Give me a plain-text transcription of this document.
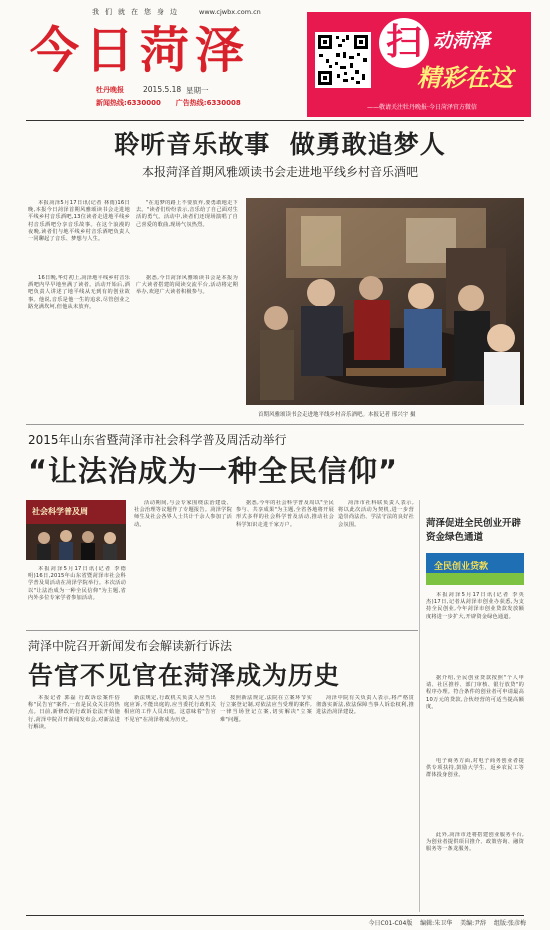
我们就在您身边 www.cjwbx.com.cn
今日菏泽
牡丹晚报	2015.5.18 星期一
新闻热线:6330000 广告热线:6330008
扫 动菏泽
精彩在这
——敬请关注牡丹晚报·今日菏泽官方微信
聆听音乐故事  做勇敢追梦人
本报菏泽首期风雅颂读书会走进地平线乡村音乐酒吧

本报菏泽5月17日讯(记者 林雨)16日晚,本报今日菏泽首期风雅颂读书会走进地平线乡村音乐酒吧,13位读者走进地平线乡村音乐酒吧分享音乐故事。在这个浪漫的夜晚,读者们与地平线乡村音乐酒吧负责人一同聊起了音乐、梦想与人生。

16日晚,华灯初上,菏泽地平线乡村音乐酒吧内早早地坐满了读者。活动开始后,酒吧负责人讲述了地平线从无到有的创业故事。他说,音乐是他一生的追求,尽管创业之路充满坎坷,但他从未放弃。

"在追梦的路上不要放弃,要勇敢地走下去。"读者们纷纷表示,音乐给了自己面对生活的勇气。活动中,读者们还现场演唱了自己喜爱的歌曲,现场气氛热烈。

据悉,今日菏泽风雅颂读书会是本报为广大读者搭建的阅读交流平台,活动将定期举办,欢迎广大读者积极参与。

首期风雅颂读书会走进地平线乡村音乐酒吧。本报记者 邢兴宇 摄
2015年山东省暨菏泽市社会科学普及周活动举行
“让法治成为一种全民信仰”
社会科学普及周

本报菏泽5月17日讯(记者 李德明)16日,2015年山东省暨菏泽市社会科学普及周活动在菏泽学院举行。本次活动以"让法治成为一种全民信仰"为主题,省内外多位专家学者参加活动。

活动期间,与会专家围绕法治建设、社会治理等议题作了专题报告。菏泽学院师生及社会各界人士共计千余人参加了活动。

据悉,今年的社会科学普及周以"全民参与、共享成果"为主题,全省各地将开展形式多样的社会科学普及活动,推动社会科学知识走进千家万户。

菏泽市社科联负责人表示,将以此次活动为契机,进一步营造崇尚法治、学法守法的良好社会氛围。

菏泽中院召开新闻发布会解读新行诉法
告官不见官在菏泽成为历史

本报记者 郭磊 行政诉讼案件俗称"民告官"案件,一直是民众关注的热点。日前,新修改的行政诉讼法开始施行,菏泽中院召开新闻发布会,对新法进行解读。

新法规定,行政机关负责人应当出庭应诉,不能出庭的,应当委托行政机关相应的工作人员出庭。这意味着"告官不见官"在菏泽将成为历史。

按照新法规定,法院在立案环节实行立案登记制,对依法应当受理的案件,一律当场登记立案,切实解决"立案难"问题。

菏泽中院有关负责人表示,将严格贯彻落实新法,依法保障当事人诉讼权利,推进法治菏泽建设。

菏泽促进全民创业开辟资金绿色通道
全民创业贷款

本报菏泽5月17日讯(记者 李英杰)17日,记者从菏泽市创业办获悉,为支持全民创业,今年菏泽市创业贷款发放额度将进一步扩大,开辟资金绿色通道。

据介绍,全民创业贷款按照"个人申请、社区推荐、部门审核、银行放贷"的程序办理。符合条件的创业者可申请最高10万元的贷款,合伙经营的可适当提高额度。

电子商务方面,对电子商务创业者提供专项扶持,鼓励大学生、返乡农民工等群体投身创业。

此外,菏泽市还将搭建创业服务平台,为创业者提供项目推介、政策咨询、融资服务等一条龙服务。

今日C01-C04版 编辑:朱卫华 美编:尹辞 组版:张彦梅
